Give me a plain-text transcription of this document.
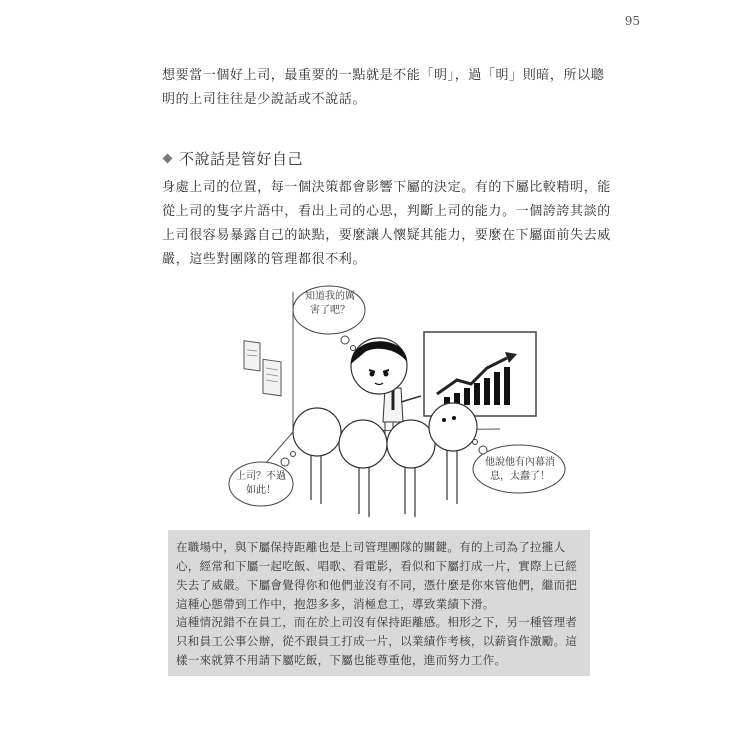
95
想要當一個好上司，最重要的一點就是不能「明」，過「明」則暗，所以聰明的上司往往是少說話或不說話。
不說話是管好自己
身處上司的位置，每一個決策都會影響下屬的決定。有的下屬比較精明，能從上司的隻字片語中，看出上司的心思，判斷上司的能力。一個誇誇其談的上司很容易暴露自己的缺點，要麼讓人懷疑其能力，要麼在下屬面前失去威嚴，這些對團隊的管理都很不利。
知道我的厲害了吧？
上司？不過如此！
他說他有內幕消息，太蠢了！
在職場中，與下屬保持距離也是上司管理團隊的關鍵。有的上司為了拉攏人心，經常和下屬一起吃飯、唱歌、看電影，看似和下屬打成一片，實際上已經失去了威嚴。下屬會覺得你和他們並沒有不同，憑什麼是你來管他們，繼而把這種心態帶到工作中，抱怨多多，消極怠工，導致業績下滑。
這種情況錯不在員工，而在於上司沒有保持距離感。相形之下，另一種管理者只和員工公事公辦，從不跟員工打成一片，以業績作考核，以薪資作激勵。這樣一來就算不用請下屬吃飯，下屬也能尊重他，進而努力工作。
